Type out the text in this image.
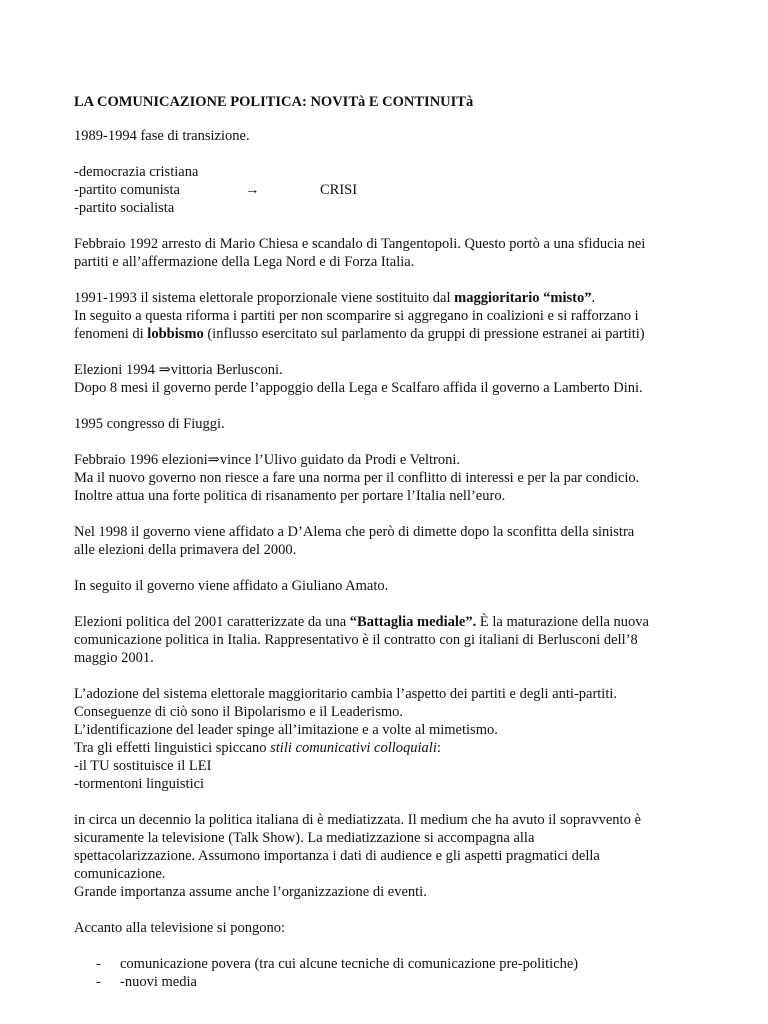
LA COMUNICAZIONE POLITICA: NOVITà E CONTINUITà

1989-1994 fase di transizione.

-democrazia cristiana
-partito comunista	→	CRISI
-partito socialista

Febbraio 1992 arresto di Mario Chiesa e scandalo di Tangentopoli. Questo portò a una sfiducia nei
partiti e all’affermazione della Lega Nord e di Forza Italia.

1991-1993 il sistema elettorale proporzionale viene sostituito dal maggioritario “misto”.
In seguito a questa riforma i partiti per non scomparire si aggregano in coalizioni e si rafforzano i
fenomeni di lobbismo (influsso esercitato sul parlamento da gruppi di pressione estranei ai partiti)

Elezioni 1994 ⇒vittoria Berlusconi.
Dopo 8 mesi il governo perde l’appoggio della Lega e Scalfaro affida il governo a Lamberto Dini.

1995 congresso di Fiuggi.

Febbraio 1996 elezioni⇒vince l’Ulivo guidato da Prodi e Veltroni.
Ma il nuovo governo non riesce a fare una norma per il conflitto di interessi e per la par condicio.
Inoltre attua una forte politica di risanamento per portare l’Italia nell’euro.

Nel 1998 il governo viene affidato a D’Alema che però di dimette dopo la sconfitta della sinistra
alle elezioni della primavera del 2000.

In seguito il governo viene affidato a Giuliano Amato.

Elezioni politica del 2001 caratterizzate da una “Battaglia mediale”. È la maturazione della nuova
comunicazione politica in Italia. Rappresentativo è il contratto con gi italiani di Berlusconi dell’8
maggio 2001.

L’adozione del sistema elettorale maggioritario cambia l’aspetto dei partiti e degli anti-partiti.
Conseguenze di ciò sono il Bipolarismo e il Leaderismo.
L’identificazione del leader spinge all’imitazione e a volte al mimetismo.
Tra gli effetti linguistici spiccano stili comunicativi colloquiali:
-il TU sostituisce il LEI
-tormentoni linguistici

in circa un decennio la politica italiana di è mediatizzata. Il medium che ha avuto il sopravvento è
sicuramente la televisione (Talk Show). La mediatizzazione si accompagna alla
spettacolarizzazione. Assumono importanza i dati di audience e gli aspetti pragmatici della
comunicazione.
Grande importanza assume anche l’organizzazione di eventi.

Accanto alla televisione si pongono:

- comunicazione povera (tra cui alcune tecniche di comunicazione pre-politiche)
- -nuovi media
